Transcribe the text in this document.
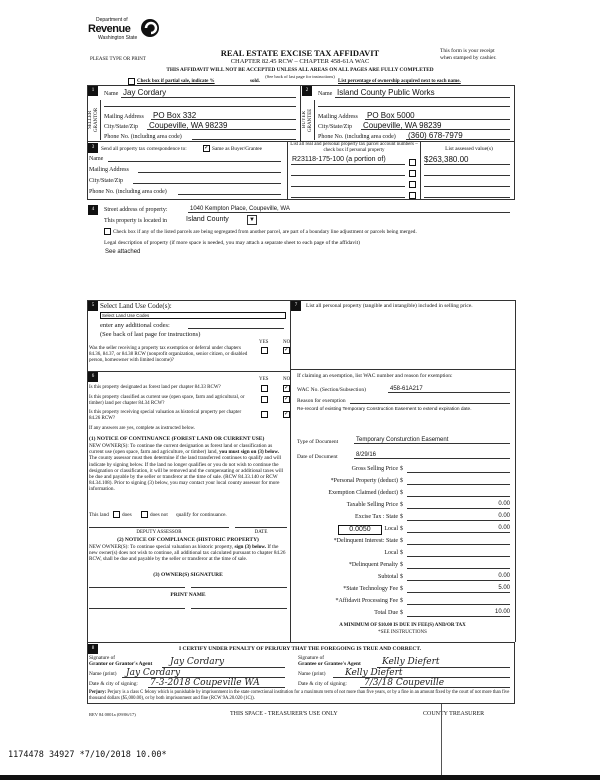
Department of
Revenue
Washington State
PLEASE TYPE OR PRINT
REAL ESTATE EXCISE TAX AFFIDAVIT
CHAPTER 82.45 RCW – CHAPTER 458-61A WAC
THIS AFFIDAVIT WILL NOT BE ACCEPTED UNLESS ALL AREAS ON ALL PAGES ARE FULLY COMPLETED
(See back of last page for instructions)
This form is your receipt
when stamped by cashier.
Check box if partial sale, indicate %	sold.	List percentage of ownership acquired next to each name.
1
SELLER GRANTOR
Name Jay Cordary
Mailing Address PO Box 332
City/State/Zip Coupeville, WA 98239
Phone No. (including area code)
2
BUYER GRANTEE
Name Island County Public Works
Mailing Address PO Box 5000
City/State/Zip Coupeville, WA 98239
Phone No. (including area code) (360) 678-7979
3	Send all property tax correspondence to:	✓ Same as Buyer/Grantee
Name
Mailing Address
City/State/Zip
Phone No. (including area code)
List all real and personal property tax parcel account numbers – check box if personal property	List assessed value(s)
R23118-175-100 (a portion of)	$263,380.00
4	Street address of property:	1040 Kempton Place, Coupeville, WA
This property is located in	Island County	▼
Check box if any of the listed parcels are being segregated from another parcel, are part of a boundary line adjustment or parcels being merged.
Legal description of property (if more space is needed, you may attach a separate sheet to each page of the affidavit)
See attached
5 Select Land Use Code(s):
Select Land Use Codes
enter any additional codes:
(See back of last page for instructions)
YES	NO
Was the seller receiving a property tax exemption or deferral under chapters 84.36, 84.37, or 84.38 RCW (nonprofit organization, senior citizen, or disabled person, homeowner with limited income)?
✓
6
YES	NO
Is this property designated as forest land per chapter 84.33 RCW?	✓
Is this property classified as current use (open space, farm and agricultural, or timber) land per chapter 84.34 RCW?
✓
Is this property receiving special valuation as historical property per chapter 84.26 RCW?
✓
If any answers are yes, complete as instructed below.
(1) NOTICE OF CONTINUANCE (FOREST LAND OR CURRENT USE)
NEW OWNER(S): To continue the current designation as forest land or classification as current use (open space, farm and agriculture, or timber) land, you must sign on (3) below. The county assessor must then determine if the land transferred continues to qualify and will indicate by signing below. If the land no longer qualifies or you do not wish to continue the designation or classification, it will be removed and the compensating or additional taxes will be due and payable by the seller or transferor at the time of sale. (RCW 84.33.140 or RCW 84.34.108). Prior to signing (3) below, you may contact your local county assessor for more information.
This land does	does not qualify for continuance.
DEPUTY ASSESSOR	DATE
(2) NOTICE OF COMPLIANCE (HISTORIC PROPERTY)
NEW OWNER(S): To continue special valuation as historic property, sign (3) below. If the new owner(s) does not wish to continue, all additional tax calculated pursuant to chapter 84.26 RCW, shall be due and payable by the seller or transferor at the time of sale.
(3) OWNER(S) SIGNATURE
PRINT NAME
7	List all personal property (tangible and intangible) included in selling price.
If claiming an exemption, list WAC number and reason for exemption:
WAC No. (Section/Subsection)	458-61A217
Reason for exemption
Re-record of existing Temporary Construction Easement to extend expiration date.
Type of Document	Temporary Consturction Easement
Date of Document	8/29/16
Gross Selling Price $
*Personal Property (deduct) $
Exemption Claimed (deduct) $
Taxable Selling Price $	0.00
Excise Tax : State $	0.00
Local $	0.00
*Delinquent Interest: State $
Local $
*Delinquent Penalty $
Subtotal $	0.00
*State Technology Fee $	5.00
*Affidavit Processing Fee $
Total Due $	10.00
0.0050
A MINIMUM OF $10.00 IS DUE IN FEE(S) AND/OR TAX
*SEE INSTRUCTIONS
8	I CERTIFY UNDER PENALTY OF PERJURY THAT THE FOREGOING IS TRUE AND CORRECT.
Signature of
Grantor or Grantor's Agent Jay Cordary
Name (print) Jay Cordary
Date & city of signing: 7-3-2018 Coupeville WA
Signature of
Grantee or Grantee's Agent Kelly Diefert
Name (print) Kelly Diefert
Date & city of signing: 7/3/18 Coupeville
Perjury: Perjury is a class C felony which is punishable by imprisonment in the state correctional institution for a maximum term of not more than five years, or by a fine in an amount fixed by the court of not more than five thousand dollars ($5,000.00), or by both imprisonment and fine (RCW 9A.20.020 (1C)).
REV 84 0001a (09/06/17)	THIS SPACE - TREASURER'S USE ONLY	COUNTY TREASURER
1174478 34927 *7/10/2018 10.00*
